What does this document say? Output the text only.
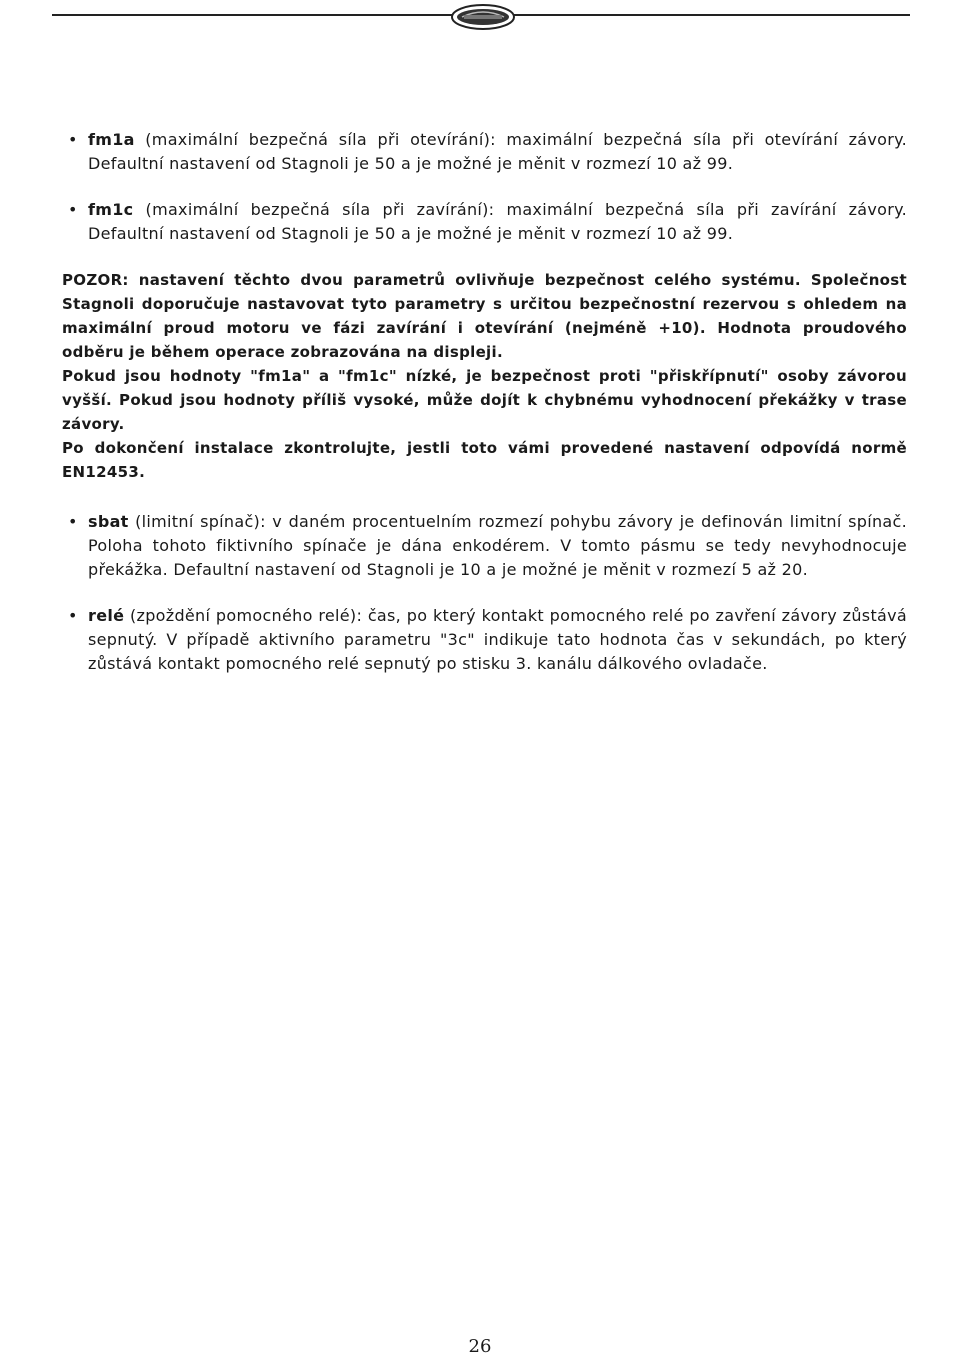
• fm1a (maximální bezpečná síla při otevírání): maximální bezpečná síla při otevírání závory. Defaultní nastavení od Stagnoli je 50 a je možné je měnit v rozmezí 10 až 99.
• fm1c (maximální bezpečná síla při zavírání): maximální bezpečná síla při zavírání závory. Defaultní nastavení od Stagnoli je 50 a je možné je měnit v rozmezí 10 až 99.

POZOR: nastavení těchto dvou parametrů ovlivňuje bezpečnost celého systému. Společnost Stagnoli doporučuje nastavovat tyto parametry s určitou bezpečnostní rezervou s ohledem na maximální proud motoru ve fázi zavírání i otevírání (nejméně +10). Hodnota proudového odběru je během operace zobrazována na displeji.

Pokud jsou hodnoty "fm1a" a "fm1c" nízké, je bezpečnost proti "přiskřípnutí" osoby závorou vyšší. Pokud jsou hodnoty příliš vysoké, může dojít k chybnému vyhodnocení překážky v trase závory.

Po dokončení instalace zkontrolujte, jestli toto vámi provedené nastavení odpovídá normě EN12453.

• sbat (limitní spínač): v daném procentuelním rozmezí pohybu závory je definován limitní spínač. Poloha tohoto fiktivního spínače je dána enkodérem. V tomto pásmu se tedy nevyhodnocuje překážka. Defaultní nastavení od Stagnoli je 10 a je možné je měnit v rozmezí 5 až 20.
• relé (zpoždění pomocného relé): čas, po který kontakt pomocného relé po zavření závory zůstává sepnutý. V případě aktivního parametru "3c" indikuje tato hodnota čas v sekundách, po který zůstává kontakt pomocného relé sepnutý po stisku 3. kanálu dálkového ovladače.
26
